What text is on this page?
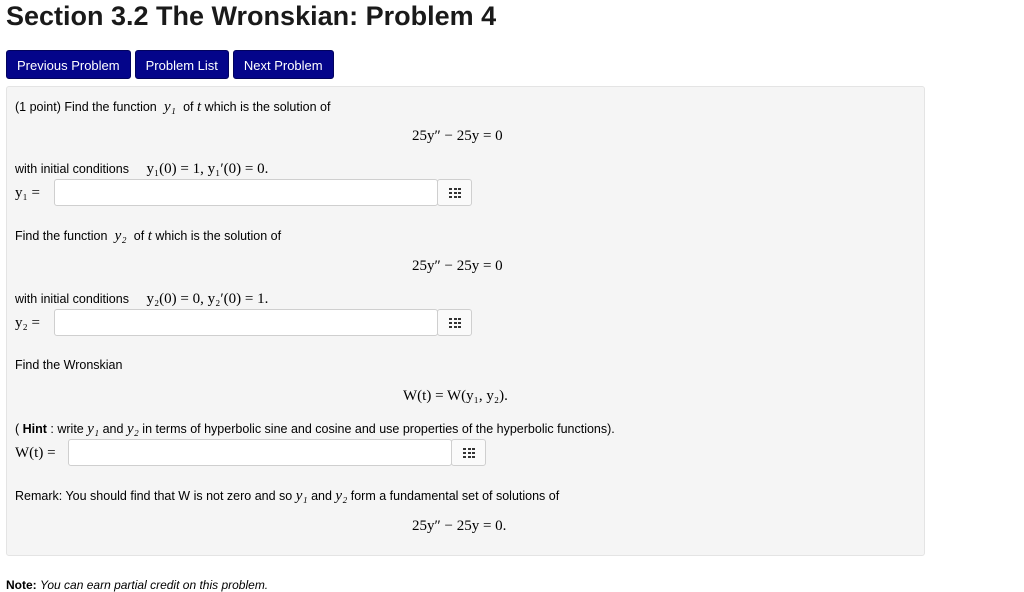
Section 3.2 The Wronskian: Problem 4
Previous Problem Problem List Next Problem
(1 point) Find the function y₁ of t which is the solution of
25y″ − 25y = 0
with initial conditions y₁(0) = 1, y₁′(0) = 0.
y₁ =
Find the function y₂ of t which is the solution of
25y″ − 25y = 0
with initial conditions y₂(0) = 0, y₂′(0) = 1.
y₂ =
Find the Wronskian
W(t) = W(y₁, y₂).
( Hint : write y₁ and y₂ in terms of hyperbolic sine and cosine and use properties of the hyperbolic functions).
W(t) =
Remark: You should find that W is not zero and so y₁ and y₂ form a fundamental set of solutions of
25y″ − 25y = 0.
Note: You can earn partial credit on this problem.
